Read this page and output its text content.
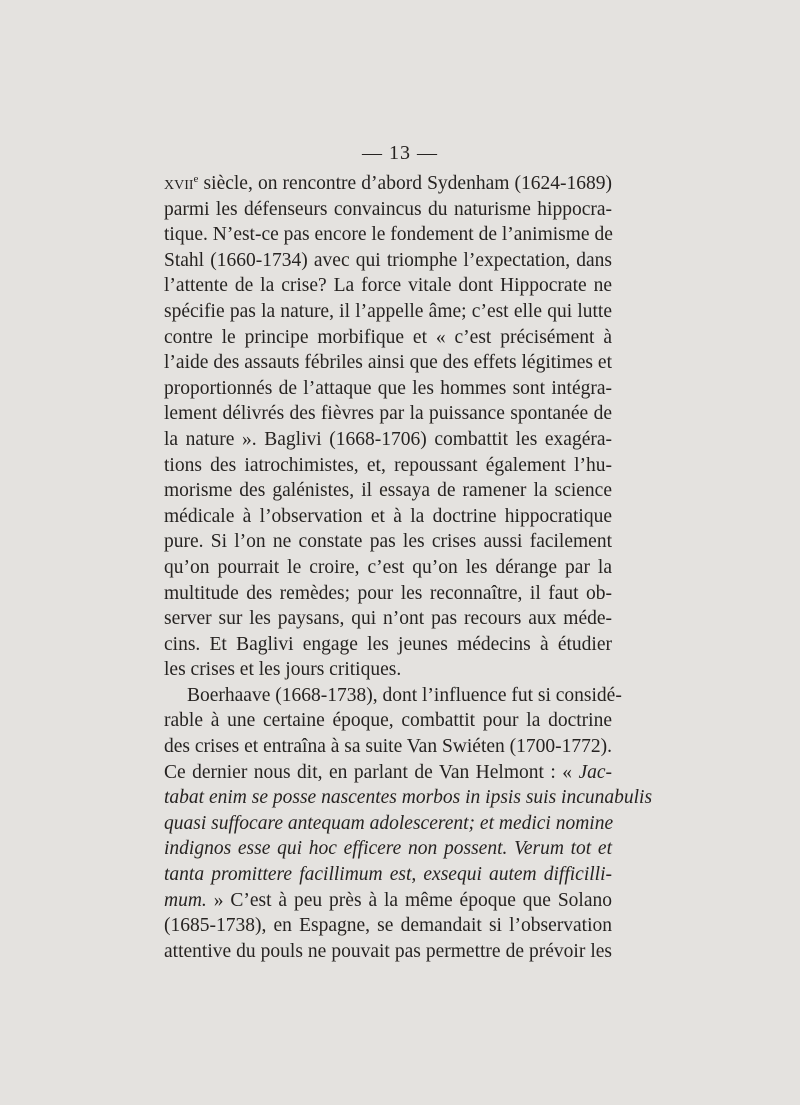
— 13 —
xvii$^e$ siècle, on rencontre d’abord Sydenham (1624-1689)
parmi les défenseurs convaincus du naturisme hippocra-
tique. N’est-ce pas encore le fondement de l’animisme de
Stahl (1660-1734) avec qui triomphe l’expectation, dans
l’attente de la crise? La force vitale dont Hippocrate ne
spécifie pas la nature, il l’appelle âme; c’est elle qui lutte
contre le principe morbifique et « c’est précisément à
l’aide des assauts fébriles ainsi que des effets légitimes et
proportionnés de l’attaque que les hommes sont intégra-
lement délivrés des fièvres par la puissance spontanée de
la nature ». Baglivi (1668-1706) combattit les exagéra-
tions des iatrochimistes, et, repoussant également l’hu-
morisme des galénistes, il essaya de ramener la science
médicale à l’observation et à la doctrine hippocratique
pure. Si l’on ne constate pas les crises aussi facilement
qu’on pourrait le croire, c’est qu’on les dérange par la
multitude des remèdes; pour les reconnaître, il faut ob-
server sur les paysans, qui n’ont pas recours aux méde-
cins. Et Baglivi engage les jeunes médecins à étudier
les crises et les jours critiques.
Boerhaave (1668-1738), dont l’influence fut si considé-
rable à une certaine époque, combattit pour la doctrine
des crises et entraîna à sa suite Van Swiéten (1700-1772).
Ce dernier nous dit, en parlant de Van Helmont : « Jac-
tabat enim se posse nascentes morbos in ipsis suis incunabulis
quasi suffocare antequam adolescerent; et medici nomine
indignos esse qui hoc efficere non possent. Verum tot et
tanta promittere facillimum est, exsequi autem difficilli-
mum. » C’est à peu près à la même époque que Solano
(1685-1738), en Espagne, se demandait si l’observation
attentive du pouls ne pouvait pas permettre de prévoir les
